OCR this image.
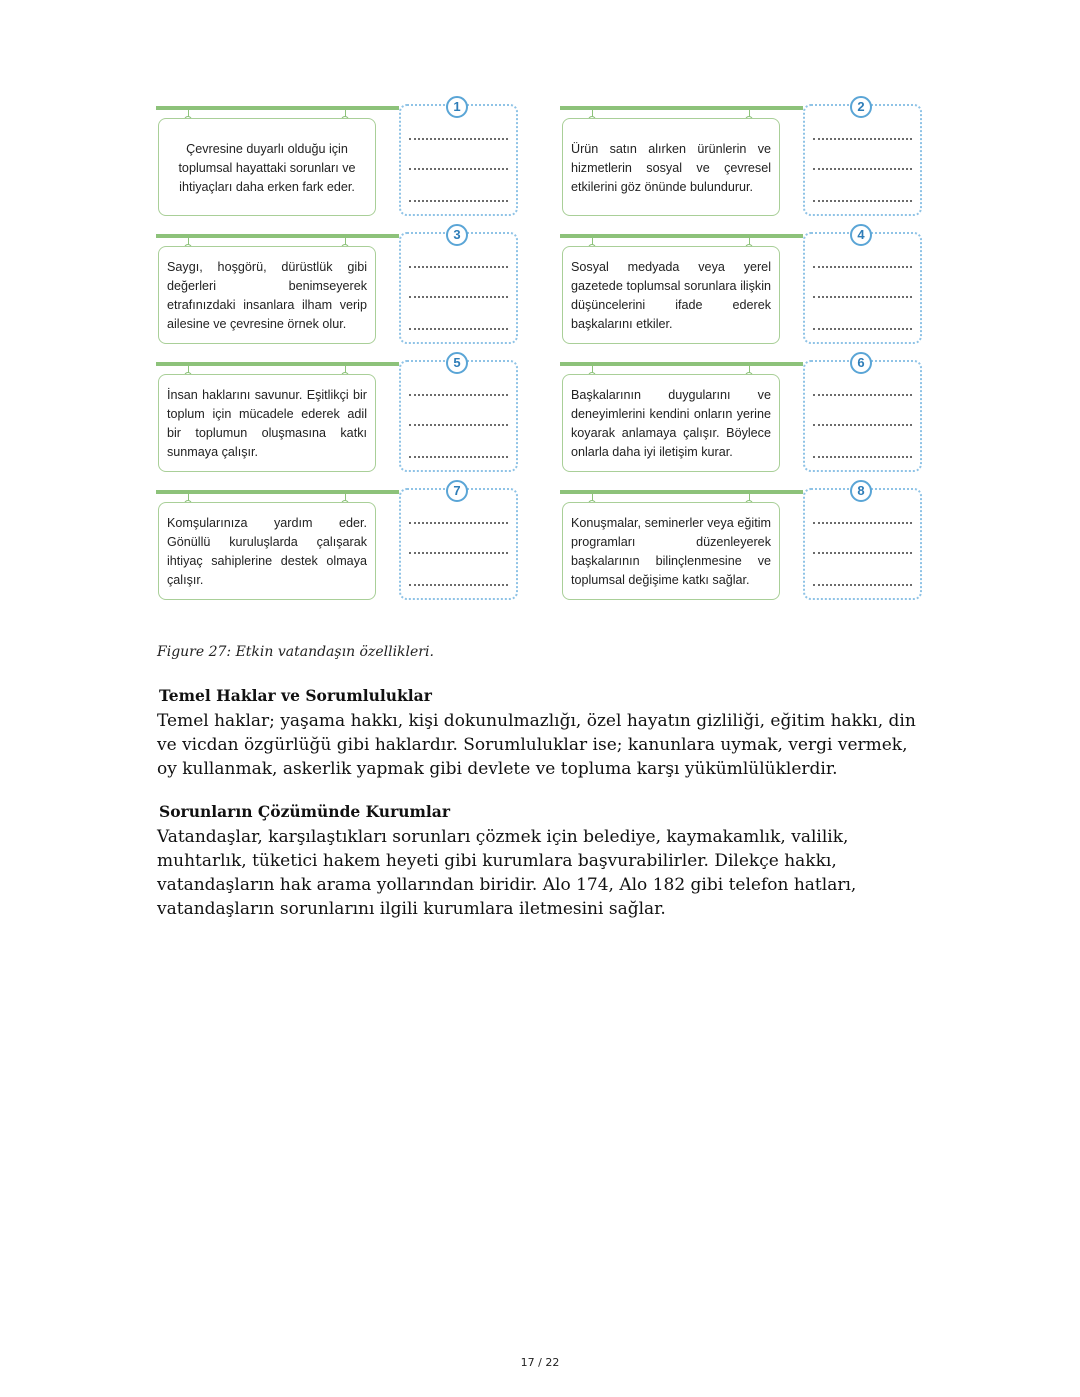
Çevresine duyarlı olduğu için toplumsal hayattaki sorunları ve ihtiyaçları daha erken fark eder.
1
Ürün satın alırken ürünlerin ve hizmetlerin sosyal ve çevresel etkilerini göz önünde bulundurur.
2
Saygı, hoşgörü, dürüstlük gibi değerleri benimseyerek etrafınızdaki insanlara ilham verip ailesine ve çevresine örnek olur.
3
Sosyal medyada veya yerel gazetede toplumsal sorunlara ilişkin düşüncelerini ifade ederek başkalarını etkiler.
4
İnsan haklarını savunur. Eşitlikçi bir toplum için mücadele ederek adil bir toplumun oluşmasına katkı sunmaya çalışır.
5
Başkalarının duygularını ve deneyimlerini kendini onların yerine koyarak anlamaya çalışır. Böylece onlarla daha iyi iletişim kurar.
6
Komşularınıza yardım eder. Gönüllü kuruluşlarda çalışarak ihtiyaç sahiplerine destek olmaya çalışır.
7
Konuşmalar, seminerler veya eğitim programları düzenleyerek başkalarının bilinçlenmesine ve toplumsal değişime katkı sağlar.
8
Figure 27: Etkin vatandaşın özellikleri.
Temel Haklar ve Sorumluluklar
Temel haklar; yaşama hakkı, kişi dokunulmazlığı, özel hayatın gizliliği, eğitim hakkı, din ve vicdan özgürlüğü gibi haklardır. Sorumluluklar ise; kanunlara uymak, vergi vermek, oy kullanmak, askerlik yapmak gibi devlete ve topluma karşı yükümlülüklerdir.
Sorunların Çözümünde Kurumlar
Vatandaşlar, karşılaştıkları sorunları çözmek için belediye, kaymakamlık, valilik, muhtarlık, tüketici hakem heyeti gibi kurumlara başvurabilirler. Dilekçe hakkı, vatandaşların hak arama yollarından biridir. Alo 174, Alo 182 gibi telefon hatları, vatandaşların sorunlarını ilgili kurumlara iletmesini sağlar.
17 / 22
